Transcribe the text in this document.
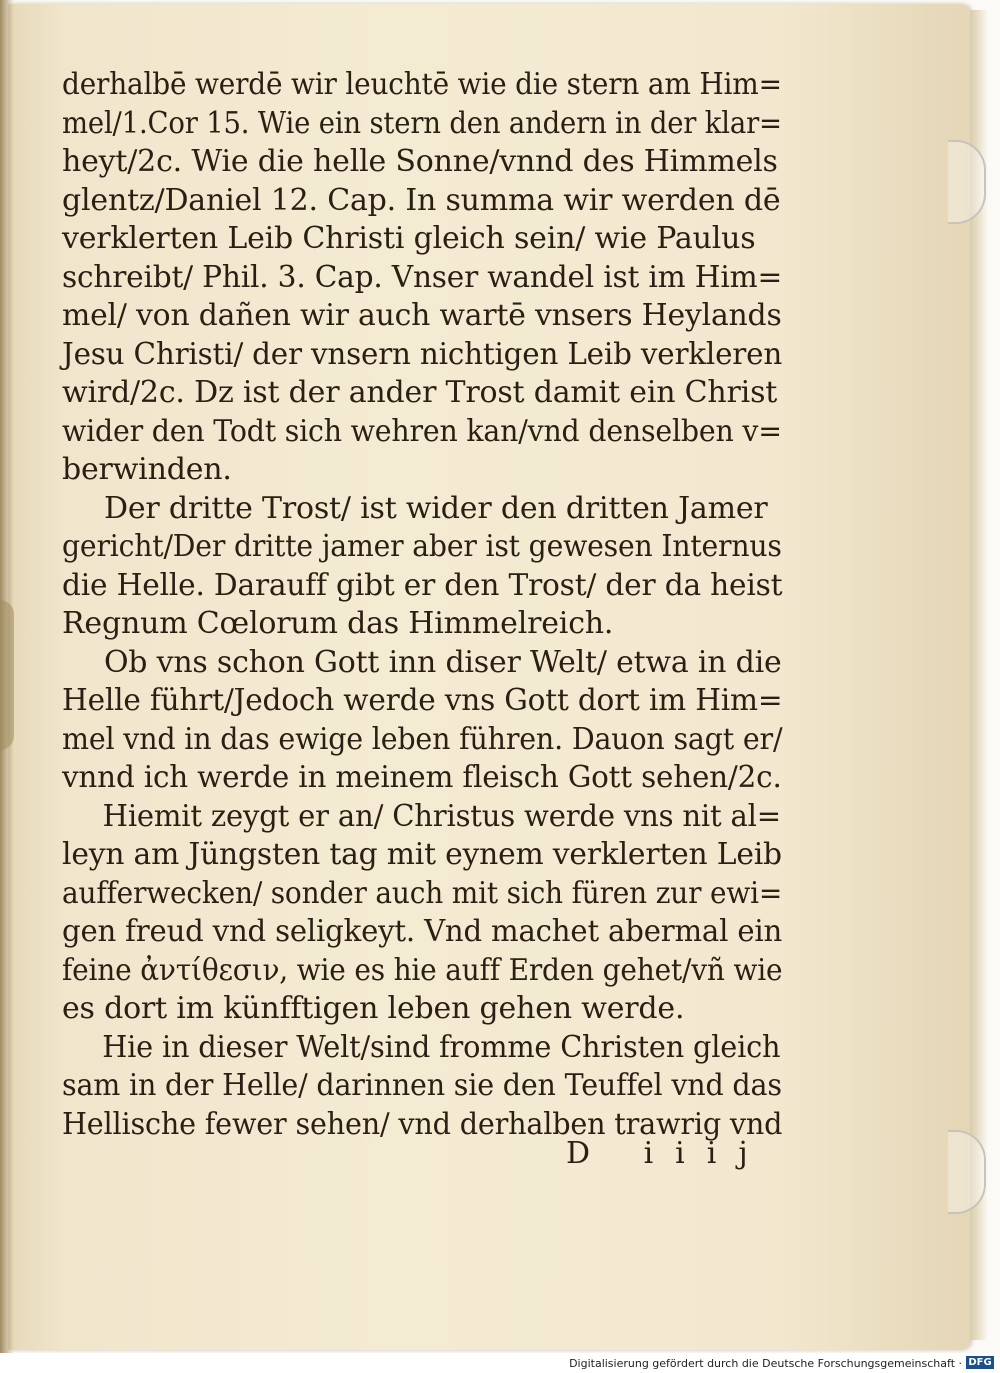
derhalbē werdē wir leuchtē wie die stern am Him=
mel/1.Cor 15. Wie ein stern den andern in der klar=
heyt/2c. Wie die helle Sonne/vnnd des Himmels
glentz/Daniel 12. Cap. In summa wir werden dē
verklerten Leib Christi gleich sein/ wie Paulus
schreibt/ Phil. 3. Cap. Vnser wandel ist im Him=
mel/ von dañen wir auch wartē vnsers Heylands
Jesu Christi/ der vnsern nichtigen Leib verkleren
wird/2c. Dz ist der ander Trost damit ein Christ
wider den Todt sich wehren kan/vnd denselben v=
berwinden.
Der dritte Trost/ ist wider den dritten Jamer
gericht/Der dritte jamer aber ist gewesen Internus
die Helle. Darauff gibt er den Trost/ der da heist
Regnum Cœlorum das Himmelreich.
Ob vns schon Gott inn diser Welt/ etwa in die
Helle führt/Jedoch werde vns Gott dort im Him=
mel vnd in das ewige leben führen. Dauon sagt er/
vnnd ich werde in meinem fleisch Gott sehen/2c.
Hiemit zeygt er an/ Christus werde vns nit al=
leyn am Jüngsten tag mit eynem verklerten Leib
aufferwecken/ sonder auch mit sich füren zur ewi=
gen freud vnd seligkeyt. Vnd machet abermal ein
feine ἀντίθεσιν, wie es hie auff Erden gehet/vñ wie
es dort im künfftigen leben gehen werde.
Hie in dieser Welt/sind fromme Christen gleich
sam in der Helle/ darinnen sie den Teuffel vnd das
Hellische fewer sehen/ vnd derhalben trawrig vnd
D iiij
Digitalisierung gefördert durch die Deutsche Forschungsgemeinschaft · DFG
